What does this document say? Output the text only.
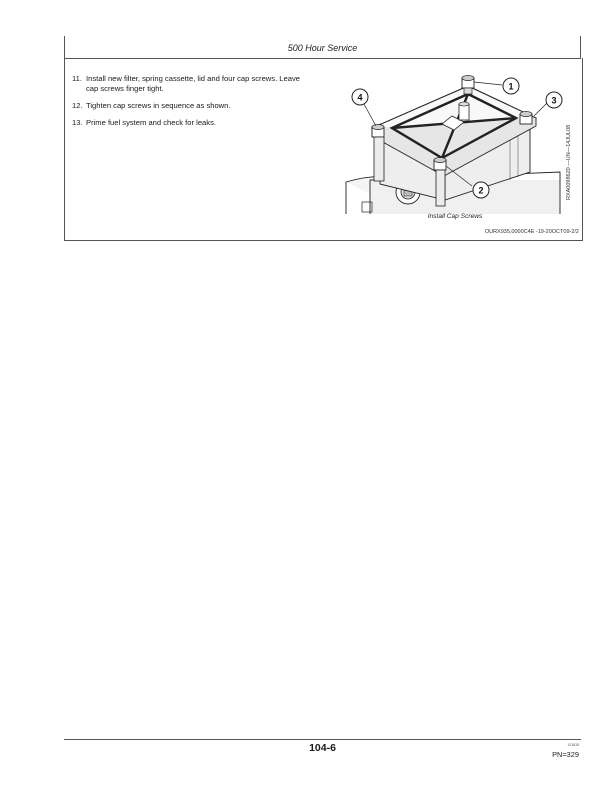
500 Hour Service
11. Install new filter, spring cassette, lid and four cap screws. Leave cap screws finger tight.
12. Tighten cap screws in sequence as shown.
13. Prime fuel system and check for leaks.
1
3
4
2
Install Cap Screws
RXA0098620 —UN—14JUL08
OURX935,0000C4E -19-20OCT09-2/2
104-6	121815
PN=329
